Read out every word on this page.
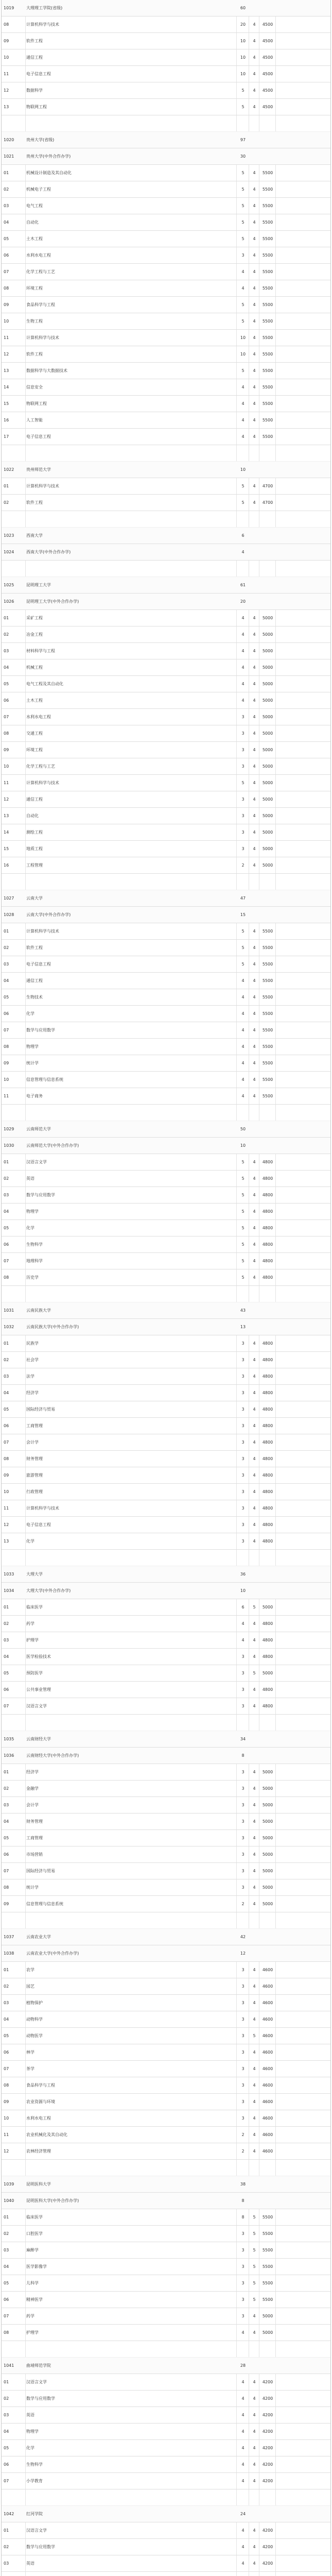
1019	大理理工学院(省级)	60
08	计算机科学与技术	20	4	4500
09	软件工程	10	4	4500
10	通信工程	10	4	4500
11	电子信息工程	10	4	4500
12	数据科学	5	4	4500
13	物联网工程	5	4	4500
1020	贵州大学(省级)	97
1021	贵州大学(中外合作办学)	30
01	机械设计制造及其自动化	5	4	5500
02	机械电子工程	5	4	5500
03	电气工程	5	4	5500
04	自动化	5	4	5500
05	土木工程	5	4	5500
06	水利水电工程	3	4	5500
07	化学工程与工艺	4	4	5500
08	环境工程	4	4	5500
09	食品科学与工程	5	4	5500
10	生物工程	5	4	5500
11	计算机科学与技术	10	4	5500
12	软件工程	10	4	5500
13	数据科学与大数据技术	5	4	5500
14	信息安全	4	4	5500
15	物联网工程	4	4	5500
16	人工智能	4	4	5500
17	电子信息工程	4	4	5500
1022	贵州师范大学	10
01	计算机科学与技术	5	4	4700
02	软件工程	5	4	4700
1023	西南大学	6
1024	西南大学(中外合作办学)	4
1025	昆明理工大学	61
1026	昆明理工大学(中外合作办学)	20
01	采矿工程	4	4	5000
02	冶金工程	4	4	5000
03	材料科学与工程	4	4	5000
04	机械工程	4	4	5000
05	电气工程及其自动化	4	4	5000
06	土木工程	4	4	5000
07	水利水电工程	3	4	5000
08	交通工程	3	4	5000
09	环境工程	3	4	5000
10	化学工程与工艺	3	4	5000
11	计算机科学与技术	5	4	5000
12	通信工程	3	4	5000
13	自动化	3	4	5000
14	测绘工程	3	4	5000
15	地质工程	3	4	5000
16	工程管理	2	4	5000
1027	云南大学	47
1028	云南大学(中外合作办学)	15
01	计算机科学与技术	5	4	5500
02	软件工程	5	4	5500
03	电子信息工程	5	4	5500
04	通信工程	4	4	5500
05	生物技术	4	4	5500
06	化学	4	4	5500
07	数学与应用数学	4	4	5500
08	物理学	4	4	5500
09	统计学	4	4	5500
10	信息管理与信息系统	4	4	5500
11	电子商务	4	4	5500
1029	云南师范大学	50
1030	云南师范大学(中外合作办学)	10
01	汉语言文学	5	4	4800
02	英语	5	4	4800
03	数学与应用数学	5	4	4800
04	物理学	5	4	4800
05	化学	5	4	4800
06	生物科学	5	4	4800
07	地理科学	5	4	4800
08	历史学	5	4	4800
1031	云南民族大学	43
1032	云南民族大学(中外合作办学)	13
01	民族学	3	4	4800
02	社会学	3	4	4800
03	法学	3	4	4800
04	经济学	3	4	4800
05	国际经济与贸易	3	4	4800
06	工商管理	3	4	4800
07	会计学	3	4	4800
08	财务管理	3	4	4800
09	旅游管理	3	4	4800
10	行政管理	3	4	4800
11	计算机科学与技术	3	4	4800
12	电子信息工程	3	4	4800
13	化学	3	4	4800
1033	大理大学	36
1034	大理大学(中外合作办学)	10
01	临床医学	6	5	5000
02	药学	4	4	4800
03	护理学	4	4	4800
04	医学检验技术	3	4	4800
05	预防医学	3	5	5000
06	公共事业管理	3	4	4800
07	汉语言文学	3	4	4800
1035	云南财经大学	34
1036	云南财经大学(中外合作办学)	8
01	经济学	3	4	5000
02	金融学	3	4	5000
03	会计学	3	4	5000
04	财务管理	3	4	5000
05	工商管理	3	4	5000
06	市场营销	3	4	5000
07	国际经济与贸易	3	4	5000
08	统计学	3	4	5000
09	信息管理与信息系统	2	4	5000
1037	云南农业大学	42
1038	云南农业大学(中外合作办学)	12
01	农学	3	4	4600
02	园艺	3	4	4600
03	植物保护	3	4	4600
04	动物科学	3	4	4600
05	动物医学	3	5	4600
06	林学	3	4	4600
07	茶学	3	4	4600
08	食品科学与工程	3	4	4600
09	农业资源与环境	3	4	4600
10	水利水电工程	3	4	4600
11	农业机械化及其自动化	2	4	4600
12	农林经济管理	2	4	4600
1039	昆明医科大学	38
1040	昆明医科大学(中外合作办学)	8
01	临床医学	8	5	5500
02	口腔医学	3	5	5500
03	麻醉学	3	5	5500
04	医学影像学	3	5	5500
05	儿科学	3	5	5500
06	精神医学	3	5	5500
07	药学	3	4	5000
08	护理学	4	4	5000
1041	曲靖师范学院	28
01	汉语言文学	4	4	4200
02	数学与应用数学	4	4	4200
03	英语	4	4	4200
04	物理学	4	4	4200
05	化学	4	4	4200
06	生物科学	4	4	4200
07	小学教育	4	4	4200
1042	红河学院	24
01	汉语言文学	4	4	4200
02	数学与应用数学	4	4	4200
03	英语	4	4	4200
